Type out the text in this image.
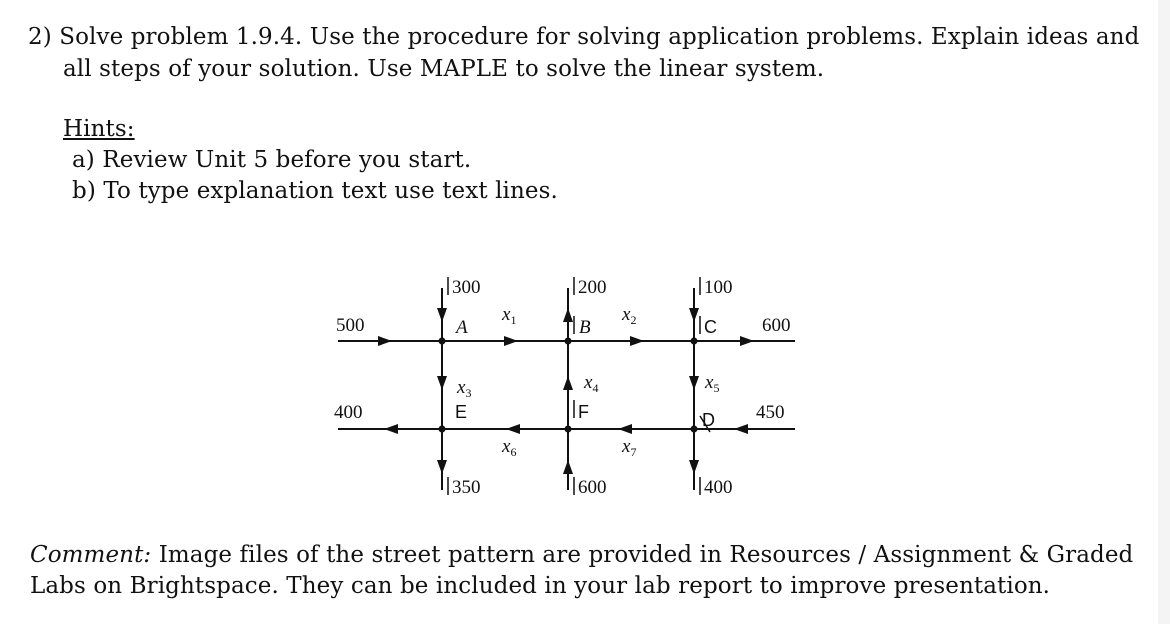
2) Solve problem 1.9.4. Use the procedure for solving application problems. Explain ideas and
all steps of your solution. Use MAPLE to solve the linear system.
Hints:
a) Review Unit 5 before you start.
b) To type explanation text use text lines.
300	200	100
500
400
600
450
350	600	400
A	B	C
E	F	D
$x_1$	$x_2$
$x_3$	$x_4$	$x_5$
$x_6$	$x_7$
Comment: Image files of the street pattern are provided in Resources / Assignment & Graded
Labs on Brightspace. They can be included in your lab report to improve presentation.
